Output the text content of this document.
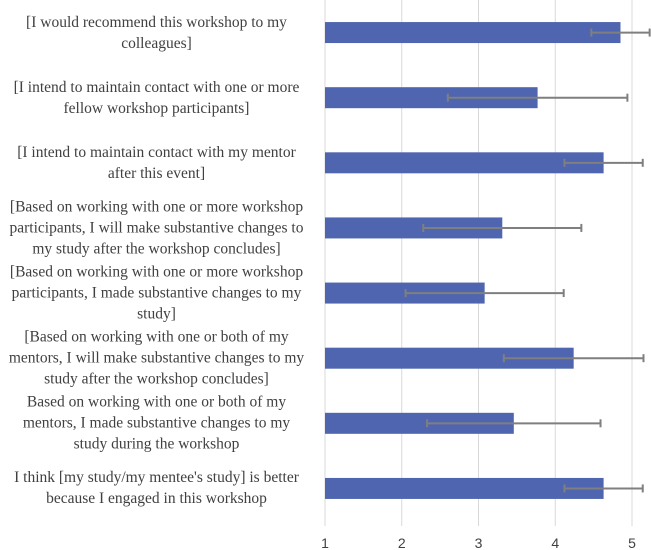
1	2	3	4	5
[I would recommend this workshop to my
colleagues]
[I intend to maintain contact with one or more
fellow workshop participants]
[I intend to maintain contact with my mentor
after this event]
[Based on working with one or more workshop
participants, I will make substantive changes to
my study after the workshop concludes]
[Based on working with one or more workshop
participants, I made substantive changes to my
study]
[Based on working with one or both of my
mentors, I will make substantive changes to my
study after the workshop concludes]
Based on working with one or both of my
mentors, I made substantive changes to my
study during the workshop
I think [my study/my mentee's study] is better
because I engaged in this workshop
